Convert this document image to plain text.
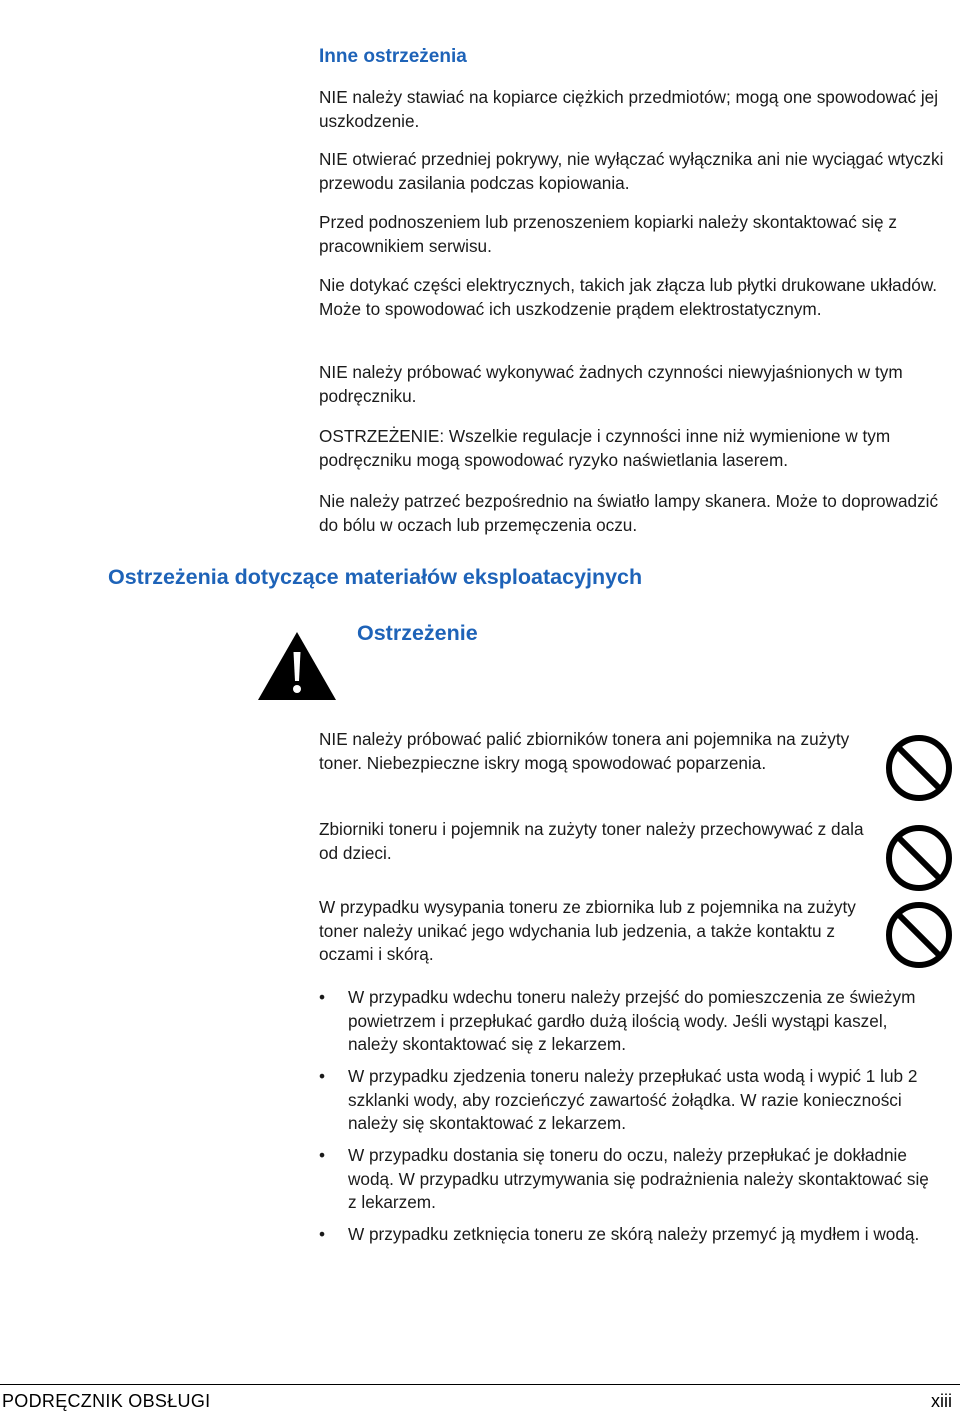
Inne ostrzeżenia

NIE należy stawiać na kopiarce ciężkich przedmiotów; mogą one spowodować jej uszkodzenie.

NIE otwierać przedniej pokrywy, nie wyłączać wyłącznika ani nie wyciągać wtyczki przewodu zasilania podczas kopiowania.

Przed podnoszeniem lub przenoszeniem kopiarki należy skontaktować się z pracownikiem serwisu.

Nie dotykać części elektrycznych, takich jak złącza lub płytki drukowane układów. Może to spowodować ich uszkodzenie prądem elektrostatycznym.

NIE należy próbować wykonywać żadnych czynności niewyjaśnionych w tym podręczniku.

OSTRZEŻENIE: Wszelkie regulacje i czynności inne niż wymienione w tym podręczniku mogą spowodować ryzyko naświetlania laserem.

Nie należy patrzeć bezpośrednio na światło lampy skanera. Może to doprowadzić do bólu w oczach lub przemęczenia oczu.

Ostrzeżenia dotyczące materiałów eksploatacyjnych
Ostrzeżenie

NIE należy próbować palić zbiorników tonera ani pojemnika na zużyty toner. Niebezpieczne iskry mogą spowodować poparzenia.

Zbiorniki toneru i pojemnik na zużyty toner należy przechowywać z dala od dzieci.

W przypadku wysypania toneru ze zbiornika lub z pojemnika na zużyty toner należy unikać jego wdychania lub jedzenia, a także kontaktu z oczami i skórą.

• W przypadku wdechu toneru należy przejść do pomieszczenia ze świeżym powietrzem i przepłukać gardło dużą ilością wody. Jeśli wystąpi kaszel, należy skontaktować się z lekarzem.
• W przypadku zjedzenia toneru należy przepłukać usta wodą i wypić 1 lub 2 szklanki wody, aby rozcieńczyć zawartość żołądka. W razie konieczności należy się skontaktować z lekarzem.
• W przypadku dostania się toneru do oczu, należy przepłukać je dokładnie wodą. W przypadku utrzymywania się podrażnienia należy skontaktować się z lekarzem.
• W przypadku zetknięcia toneru ze skórą należy przemyć ją mydłem i wodą.
PODRĘCZNIK OBSŁUGI	xiii
